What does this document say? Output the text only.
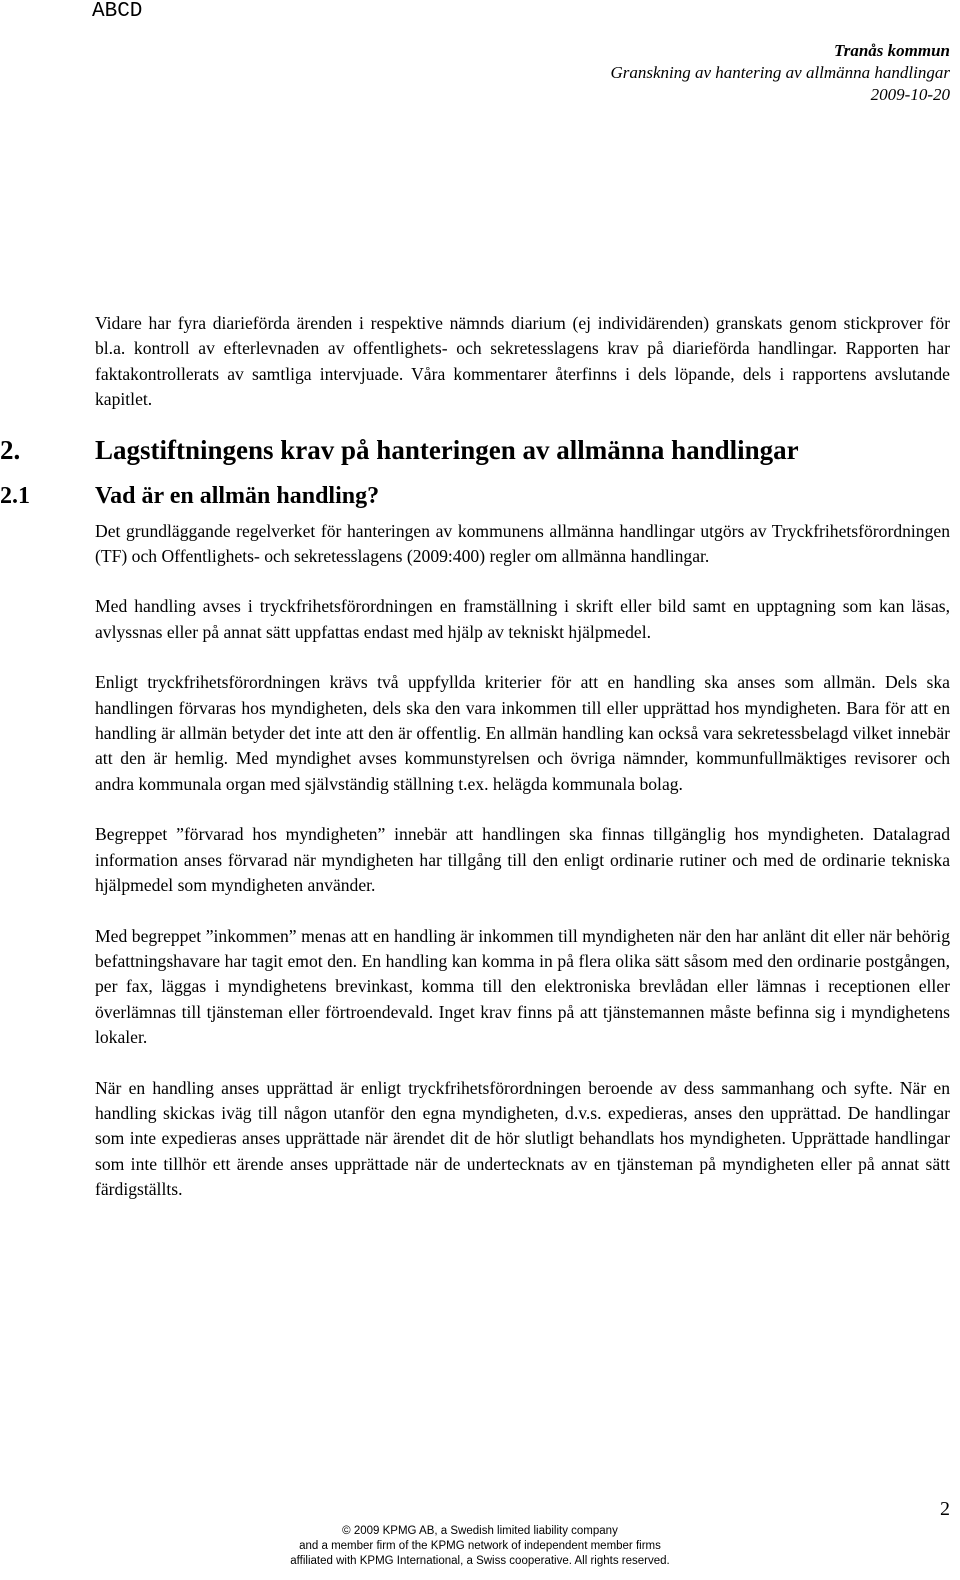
ABCD
Tranås kommun
Granskning av hantering av allmänna handlingar
2009-10-20

Vidare har fyra diarieförda ärenden i respektive nämnds diarium (ej individärenden) granskats genom stickprover för bl.a. kontroll av efterlevnaden av offentlighets- och sekretesslagens krav på diarieförda handlingar. Rapporten har faktakontrollerats av samtliga intervjuade. Våra kommentarer återfinns i dels löpande, dels i rapportens avslutande kapitlet.

2.	Lagstiftningens krav på hanteringen av allmänna handlingar
2.1	Vad är en allmän handling?

Det grundläggande regelverket för hanteringen av kommunens allmänna handlingar utgörs av Tryckfrihetsförordningen (TF) och Offentlighets- och sekretesslagens (2009:400) regler om allmänna handlingar.

Med handling avses i tryckfrihetsförordningen en framställning i skrift eller bild samt en upptagning som kan läsas, avlyssnas eller på annat sätt uppfattas endast med hjälp av tekniskt hjälpmedel.

Enligt tryckfrihetsförordningen krävs två uppfyllda kriterier för att en handling ska anses som allmän. Dels ska handlingen förvaras hos myndigheten, dels ska den vara inkommen till eller upprättad hos myndigheten. Bara för att en handling är allmän betyder det inte att den är offentlig. En allmän handling kan också vara sekretessbelagd vilket innebär att den är hemlig. Med myndighet avses kommunstyrelsen och övriga nämnder, kommunfullmäktiges revisorer och andra kommunala organ med självständig ställning t.ex. helägda kommunala bolag.

Begreppet ”förvarad hos myndigheten” innebär att handlingen ska finnas tillgänglig hos myndigheten. Datalagrad information anses förvarad när myndigheten har tillgång till den enligt ordinarie rutiner och med de ordinarie tekniska hjälpmedel som myndigheten använder.

Med begreppet ”inkommen” menas att en handling är inkommen till myndigheten när den har anlänt dit eller när behörig befattningshavare har tagit emot den. En handling kan komma in på flera olika sätt såsom med den ordinarie postgången, per fax, läggas i myndighetens brevinkast, komma till den elektroniska brevlådan eller lämnas i receptionen eller överlämnas till tjänsteman eller förtroendevald. Inget krav finns på att tjänstemannen måste befinna sig i myndighetens lokaler.

När en handling anses upprättad är enligt tryckfrihetsförordningen beroende av dess sammanhang och syfte. När en handling skickas iväg till någon utanför den egna myndigheten, d.v.s. expedieras, anses den upprättad. De handlingar som inte expedieras anses upprättade när ärendet dit de hör slutligt behandlats hos myndigheten. Upprättade handlingar som inte tillhör ett ärende anses upprättade när de undertecknats av en tjänsteman på myndigheten eller på annat sätt färdigställts.

2
© 2009 KPMG AB, a Swedish limited liability company
and a member firm of the KPMG network of independent member firms
affiliated with KPMG International, a Swiss cooperative. All rights reserved.
